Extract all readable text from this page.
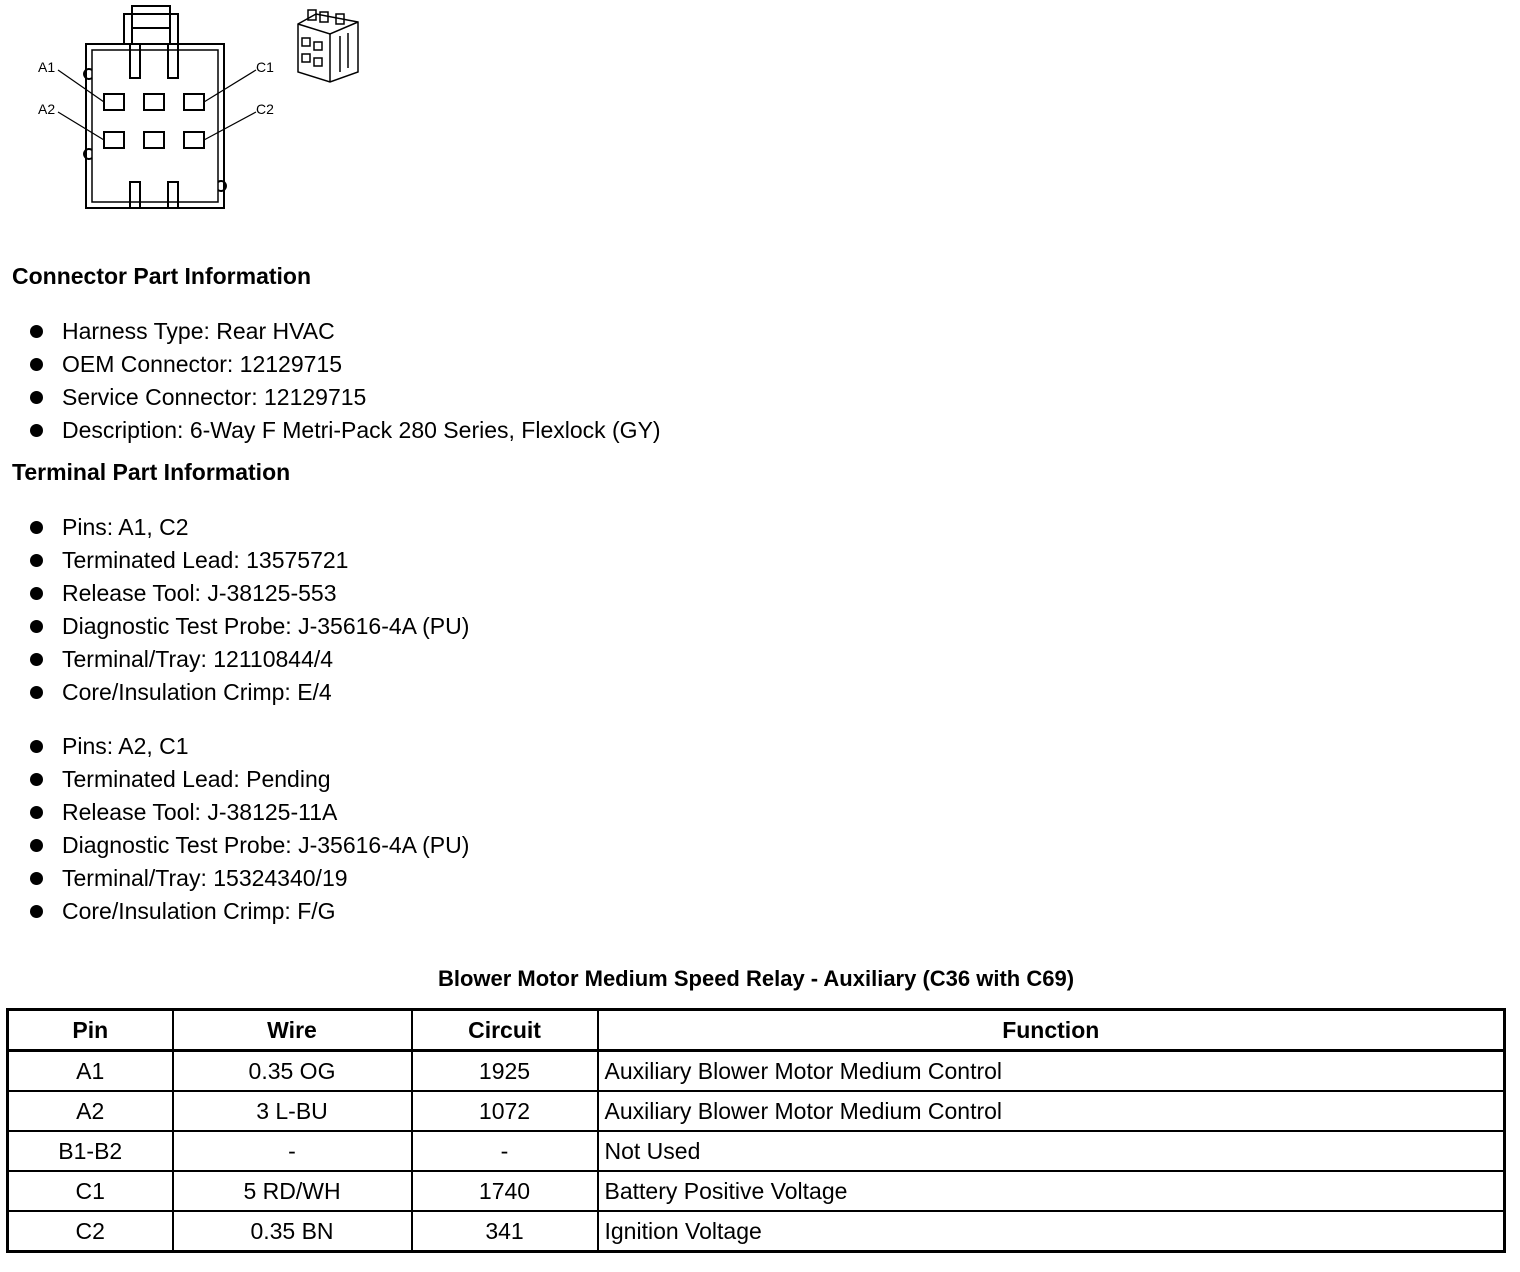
A1
A2
C1
C2
Connector Part Information
Harness Type: Rear HVAC
OEM Connector: 12129715
Service Connector: 12129715
Description: 6-Way F Metri-Pack 280 Series, Flexlock (GY)
Terminal Part Information
Pins: A1, C2
Terminated Lead: 13575721
Release Tool: J-38125-553
Diagnostic Test Probe: J-35616-4A (PU)
Terminal/Tray: 12110844/4
Core/Insulation Crimp: E/4
Pins: A2, C1
Terminated Lead: Pending
Release Tool: J-38125-11A
Diagnostic Test Probe: J-35616-4A (PU)
Terminal/Tray: 15324340/19
Core/Insulation Crimp: F/G
Blower Motor Medium Speed Relay - Auxiliary (C36 with C69)
Pin	Wire	Circuit	Function
A1	0.35 OG	1925	Auxiliary Blower Motor Medium Control
A2	3 L-BU	1072	Auxiliary Blower Motor Medium Control
B1-B2	-	-	Not Used
C1	5 RD/WH	1740	Battery Positive Voltage
C2	0.35 BN	341	Ignition Voltage
